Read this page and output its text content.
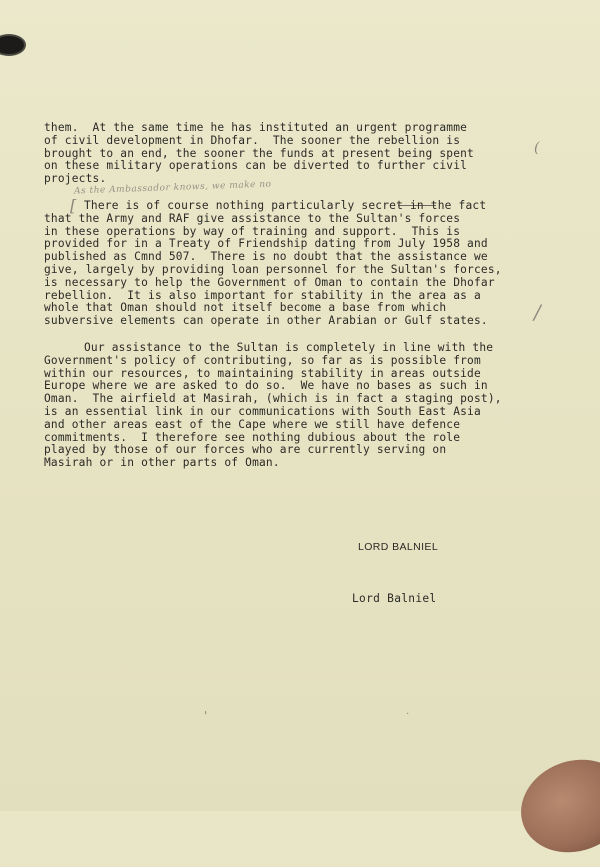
As the Ambassador knows, we make no
(
[
/
'	.
them.  At the same time he has instituted an urgent programme
of civil development in Dhofar.  The sooner the rebellion is
brought to an end, the sooner the funds at present being spent
on these military operations can be diverted to further civil
projects.
There is of course nothing particularly secret in the fact
that the Army and RAF give assistance to the Sultan's forces
in these operations by way of training and support.  This is
provided for in a Treaty of Friendship dating from July 1958 and
published as Cmnd 507.  There is no doubt that the assistance we
give, largely by providing loan personnel for the Sultan's forces,
is necessary to help the Government of Oman to contain the Dhofar
rebellion.  It is also important for stability in the area as a
whole that Oman should not itself become a base from which
subversive elements can operate in other Arabian or Gulf states.
Our assistance to the Sultan is completely in line with the
Government's policy of contributing, so far as is possible from
within our resources, to maintaining stability in areas outside
Europe where we are asked to do so.  We have no bases as such in
Oman.  The airfield at Masirah, (which is in fact a staging post),
is an essential link in our communications with South East Asia
and other areas east of the Cape where we still have defence
commitments.  I therefore see nothing dubious about the role
played by those of our forces who are currently serving on
Masirah or in other parts of Oman.
LORD BALNIEL
Lord Balniel
